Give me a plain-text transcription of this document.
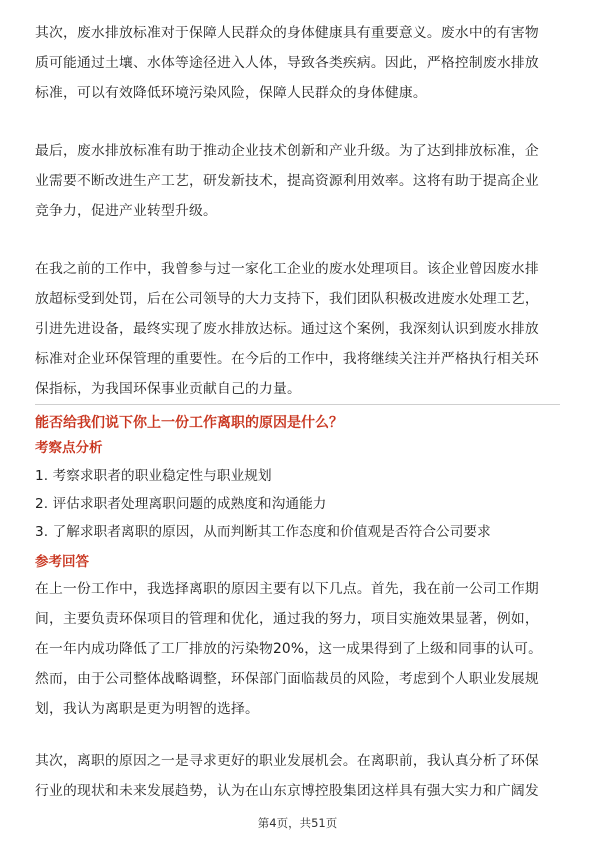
其次，废水排放标准对于保障人民群众的身体健康具有重要意义。废水中的有害物
质可能通过土壤、水体等途径进入人体，导致各类疾病。因此，严格控制废水排放
标准，可以有效降低环境污染风险，保障人民群众的身体健康。

最后，废水排放标准有助于推动企业技术创新和产业升级。为了达到排放标准，企
业需要不断改进生产工艺，研发新技术，提高资源利用效率。这将有助于提高企业
竞争力，促进产业转型升级。

在我之前的工作中，我曾参与过一家化工企业的废水处理项目。该企业曾因废水排
放超标受到处罚，后在公司领导的大力支持下，我们团队积极改进废水处理工艺，
引进先进设备，最终实现了废水排放达标。通过这个案例，我深刻认识到废水排放
标准对企业环保管理的重要性。在今后的工作中，我将继续关注并严格执行相关环
保指标，为我国环保事业贡献自己的力量。

能否给我们说下你上一份工作离职的原因是什么？
考察点分析
1. 考察求职者的职业稳定性与职业规划
2. 评估求职者处理离职问题的成熟度和沟通能力
3. 了解求职者离职的原因，从而判断其工作态度和价值观是否符合公司要求
参考回答

在上一份工作中，我选择离职的原因主要有以下几点。首先，我在前一公司工作期
间，主要负责环保项目的管理和优化，通过我的努力，项目实施效果显著，例如，
在一年内成功降低了工厂排放的污染物20%，这一成果得到了上级和同事的认可。
然而，由于公司整体战略调整，环保部门面临裁员的风险，考虑到个人职业发展规
划，我认为离职是更为明智的选择。

其次，离职的原因之一是寻求更好的职业发展机会。在离职前，我认真分析了环保
行业的现状和未来发展趋势，认为在山东京博控股集团这样具有强大实力和广阔发

第4页，共51页
